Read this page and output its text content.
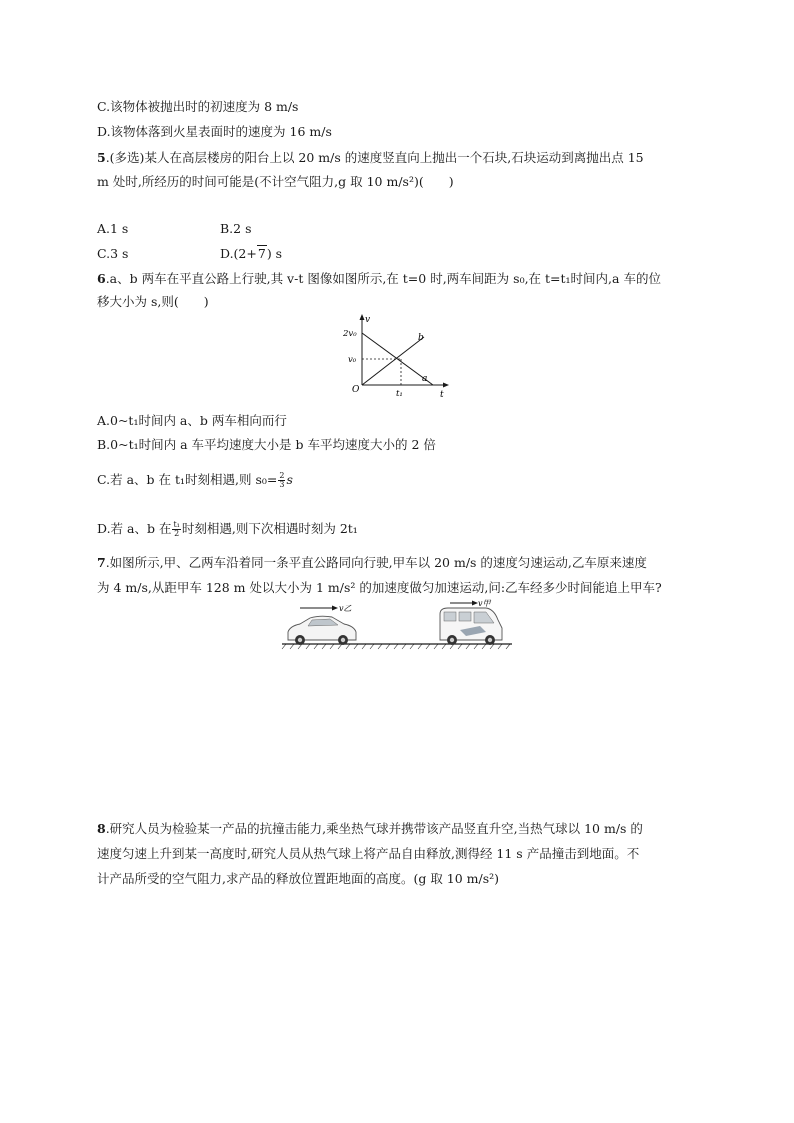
C.该物体被抛出时的初速度为 8 m/s
D.该物体落到火星表面时的速度为 16 m/s
5.(多选)某人在高层楼房的阳台上以 20 m/s 的速度竖直向上抛出一个石块,石块运动到离抛出点 15
m 处时,所经历的时间可能是(不计空气阻力,g 取 10 m/s²)(　　)
A.1 s	B.2 s
C.3 s	D.(2+7) s
6.a、b 两车在平直公路上行驶,其 v-t 图像如图所示,在 t=0 时,两车间距为 s₀,在 t=t₁时间内,a 车的位
移大小为 s,则(　　)
v
t
2v₀
v₀
O	t₁
a
b
A.0~t₁时间内 a、b 两车相向而行
B.0~t₁时间内 a 车平均速度大小是 b 车平均速度大小的 2 倍
C.若 a、b 在 t₁时刻相遇,则 $s_0= \frac{2}{3}$ s
D.若 a、b 在 $\frac{\text{t₁}}{2}$ 时刻相遇,则下次相遇时刻为 2t₁
7.如图所示,甲、乙两车沿着同一条平直公路同向行驶,甲车以 20 m/s 的速度匀速运动,乙车原来速度
为 4 m/s,从距甲车 128 m 处以大小为 1 m/s² 的加速度做匀加速运动,问:乙车经多少时间能追上甲车?
v乙
v甲
8.研究人员为检验某一产品的抗撞击能力,乘坐热气球并携带该产品竖直升空,当热气球以 10 m/s 的
速度匀速上升到某一高度时,研究人员从热气球上将产品自由释放,测得经 11 s 产品撞击到地面。不
计产品所受的空气阻力,求产品的释放位置距地面的高度。(g 取 10 m/s²)
